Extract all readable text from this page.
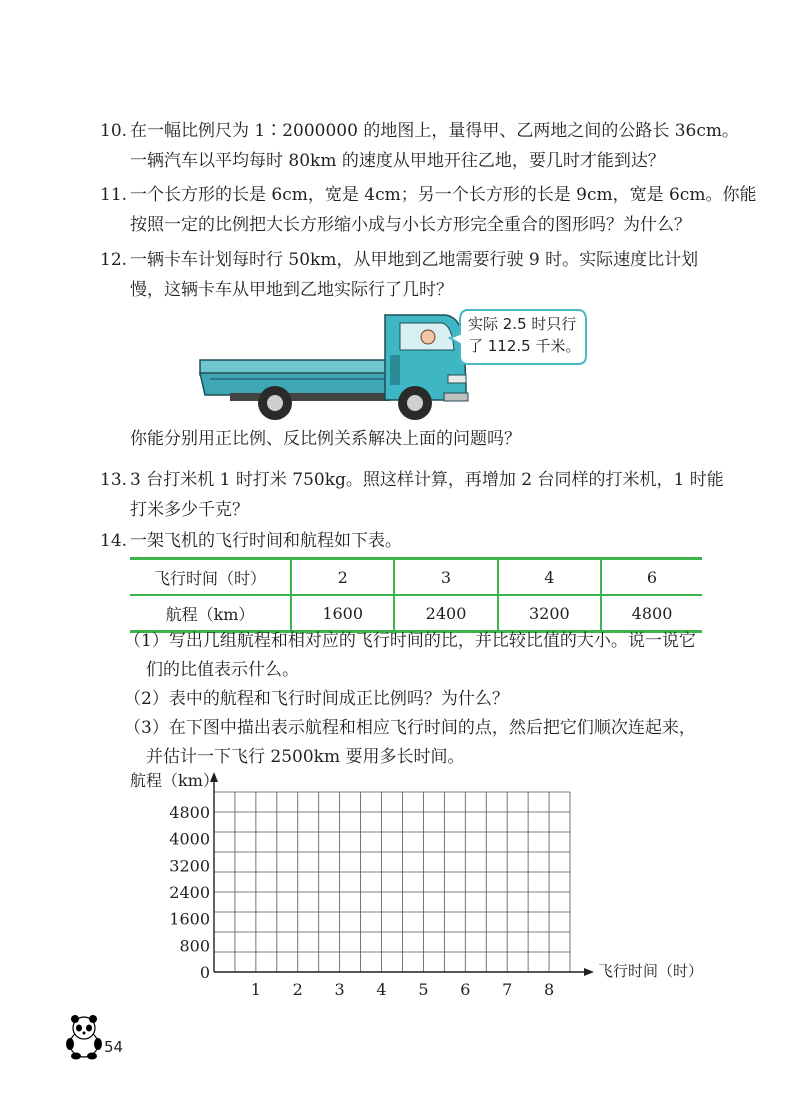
10. 在一幅比例尺为 1∶2000000 的地图上，量得甲、乙两地之间的公路长 36cm。
一辆汽车以平均每时 80km 的速度从甲地开往乙地，要几时才能到达？
11. 一个长方形的长是 6cm，宽是 4cm；另一个长方形的长是 9cm，宽是 6cm。你能
按照一定的比例把大长方形缩小成与小长方形完全重合的图形吗？为什么？
12. 一辆卡车计划每时行 50km，从甲地到乙地需要行驶 9 时。实际速度比计划
慢，这辆卡车从甲地到乙地实际行了几时？
实际 2.5 时只行
了 112.5 千米。
你能分别用正比例、反比例关系解决上面的问题吗？
13. 3 台打米机 1 时打米 750kg。照这样计算，再增加 2 台同样的打米机，1 时能
打米多少千克？
14. 一架飞机的飞行时间和航程如下表。
飞行时间（时）	2	3	4	6
航程（km）	1600	2400	3200	4800
（1）写出几组航程和相对应的飞行时间的比，并比较比值的大小。说一说它
们的比值表示什么。
（2）表中的航程和飞行时间成正比例吗？为什么？
（3）在下图中描出表示航程和相应飞行时间的点，然后把它们顺次连起来，
并估计一下飞行 2500km 要用多长时间。
0
800
1600
2400
3200
4000
4800
1 2 3 4 5 6 7 8
航程（km）
飞行时间（时）
54
